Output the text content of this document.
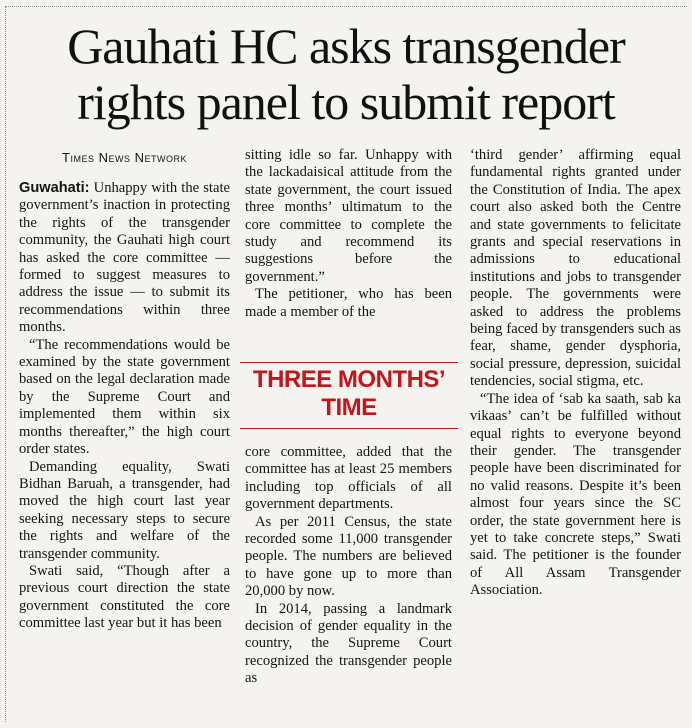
Gauhati HC asks transgender
rights panel to submit report
Times News Network

Guwahati: Unhappy with the state government’s inaction in protecting the rights of the transgender community, the Gauhati high court has asked the core committee — formed to suggest measures to address the issue — to submit its recommendations within three months.

“The recommendations would be examined by the state government based on the legal declaration made by the Supreme Court and implemented them within six months thereafter,” the high court order states.

Demanding equality, Swati Bidhan Baruah, a transgender, had moved the high court last year seeking necessary steps to secure the rights and welfare of the transgender community.

Swati said, “Though after a previous court direction the state government constituted the core committee last year but it has been

sitting idle so far. Unhappy with the lackadaisical attitude from the state government, the court issued three months’ ultimatum to the core committee to complete the study and recommend its suggestions before the government.”

The petitioner, who has been made a member of the

THREE MONTHS’
TIME

core committee, added that the committee has at least 25 members including top officials of all government departments.

As per 2011 Census, the state recorded some 11,000 transgender people. The numbers are believed to have gone up to more than 20,000 by now.

In 2014, passing a landmark decision of gender equality in the country, the Supreme Court recognized the transgender people as

‘third gender’ affirming equal fundamental rights granted under the Constitution of India. The apex court also asked both the Centre and state governments to felicitate grants and special reservations in admissions to educational institutions and jobs to transgender people. The governments were asked to address the problems being faced by transgenders such as fear, shame, gender dysphoria, social pressure, depression, suicidal tendencies, social stigma, etc.

“The idea of ‘sab ka saath, sab ka vikaas’ can’t be fulfilled without equal rights to everyone beyond their gender. The transgender people have been discriminated for no valid reasons. Despite it’s been almost four years since the SC order, the state government here is yet to take concrete steps,” Swati said. The petitioner is the founder of All Assam Transgender Association.
